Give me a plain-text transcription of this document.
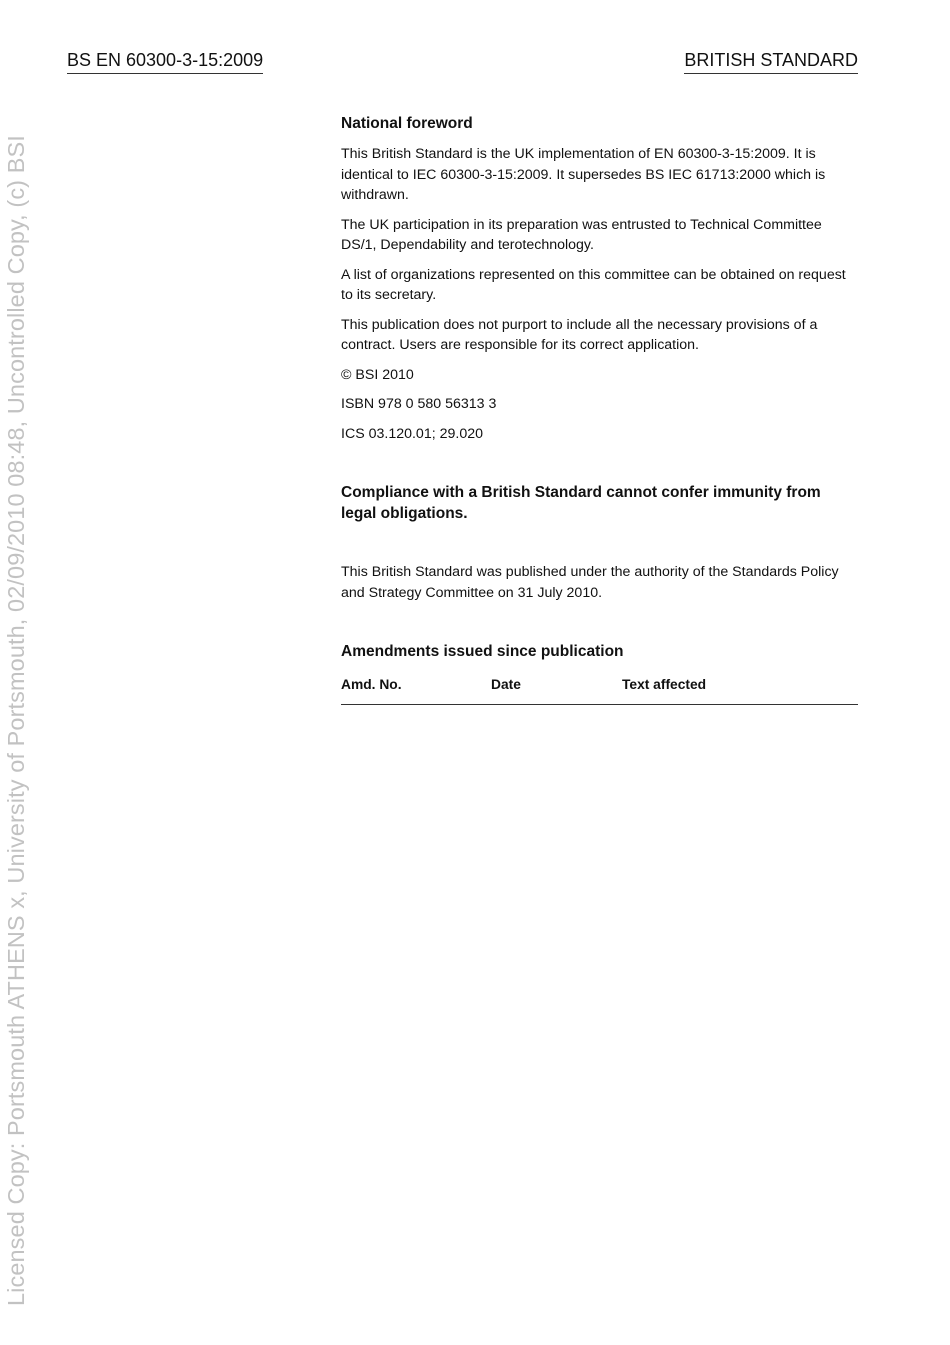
Licensed Copy: Portsmouth ATHENS x, University of Portsmouth, 02/09/2010 08:48, Uncontrolled Copy, (c) BSI
BS EN 60300-3-15:2009	BRITISH STANDARD
National foreword

This British Standard is the UK implementation of EN 60300-3-15:2009. It is identical to IEC 60300-3-15:2009. It supersedes BS IEC 61713:2000 which is withdrawn.

The UK participation in its preparation was entrusted to Technical Committee DS/1, Dependability and terotechnology.

A list of organizations represented on this committee can be obtained on request to its secretary.

This publication does not purport to include all the necessary provisions of a contract. Users are responsible for its correct application.

© BSI 2010

ISBN 978 0 580 56313 3

ICS 03.120.01; 29.020

Compliance with a British Standard cannot confer immunity from legal obligations.
This British Standard was published under the authority of the Standards Policy and Strategy Committee on 31 July 2010.
Amendments issued since publication
Amd. No.	Date	Text affected
